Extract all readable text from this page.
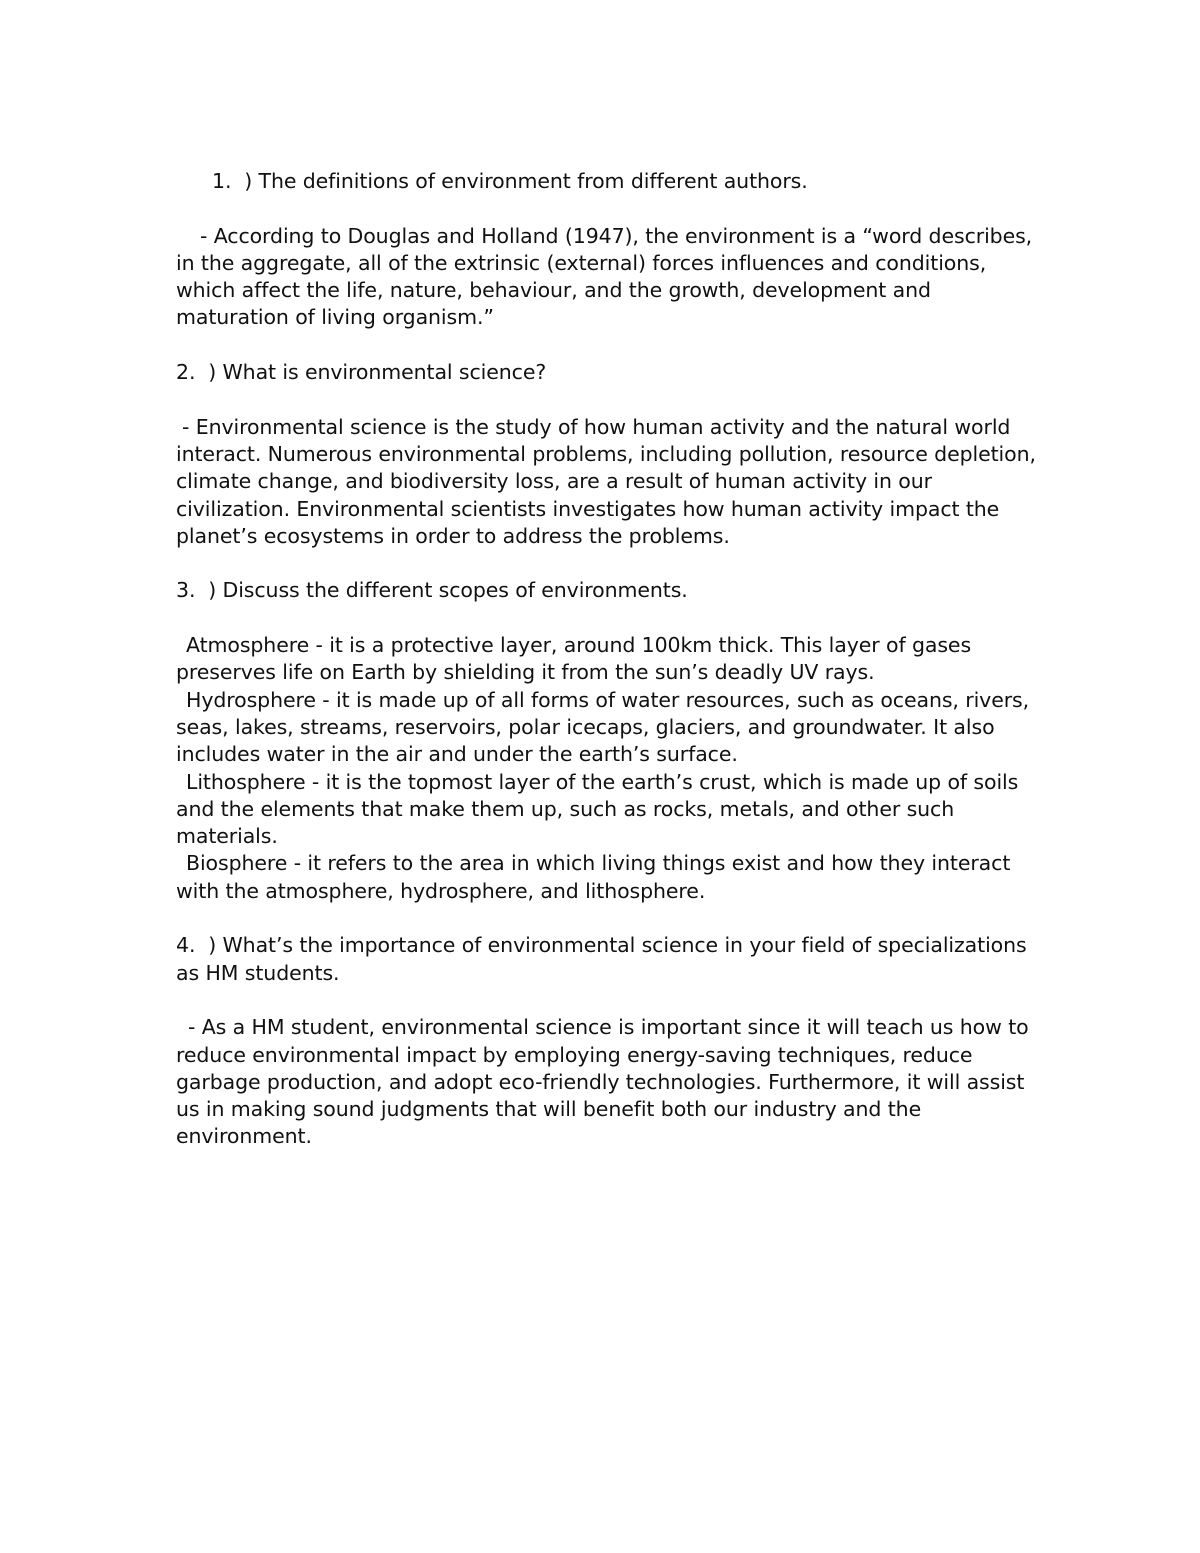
1. ) The definitions of environment from different authors.

- According to Douglas and Holland (1947), the environment is a “word describes, in the aggregate, all of the extrinsic (external) forces influences and conditions, which affect the life, nature, behaviour, and the growth, development and maturation of living organism.”

2. ) What is environmental science?

- Environmental science is the study of how human activity and the natural world interact. Numerous environmental problems, including pollution, resource depletion, climate change, and biodiversity loss, are a result of human activity in our civilization. Environmental scientists investigates how human activity impact the planet’s ecosystems in order to address the problems.

3. ) Discuss the different scopes of environments.

Atmosphere - it is a protective layer, around 100km thick. This layer of gases preserves life on Earth by shielding it from the sun’s deadly UV rays.

Hydrosphere - it is made up of all forms of water resources, such as oceans, rivers, seas, lakes, streams, reservoirs, polar icecaps, glaciers, and groundwater. It also includes water in the air and under the earth’s surface.

Lithosphere - it is the topmost layer of the earth’s crust, which is made up of soils and the elements that make them up, such as rocks, metals, and other such materials.

Biosphere - it refers to the area in which living things exist and how they interact with the atmosphere, hydrosphere, and lithosphere.

4. ) What’s the importance of environmental science in your field of specializations as HM students.

- As a HM student, environmental science is important since it will teach us how to reduce environmental impact by employing energy-saving techniques, reduce garbage production, and adopt eco-friendly technologies. Furthermore, it will assist us in making sound judgments that will benefit both our industry and the environment.
